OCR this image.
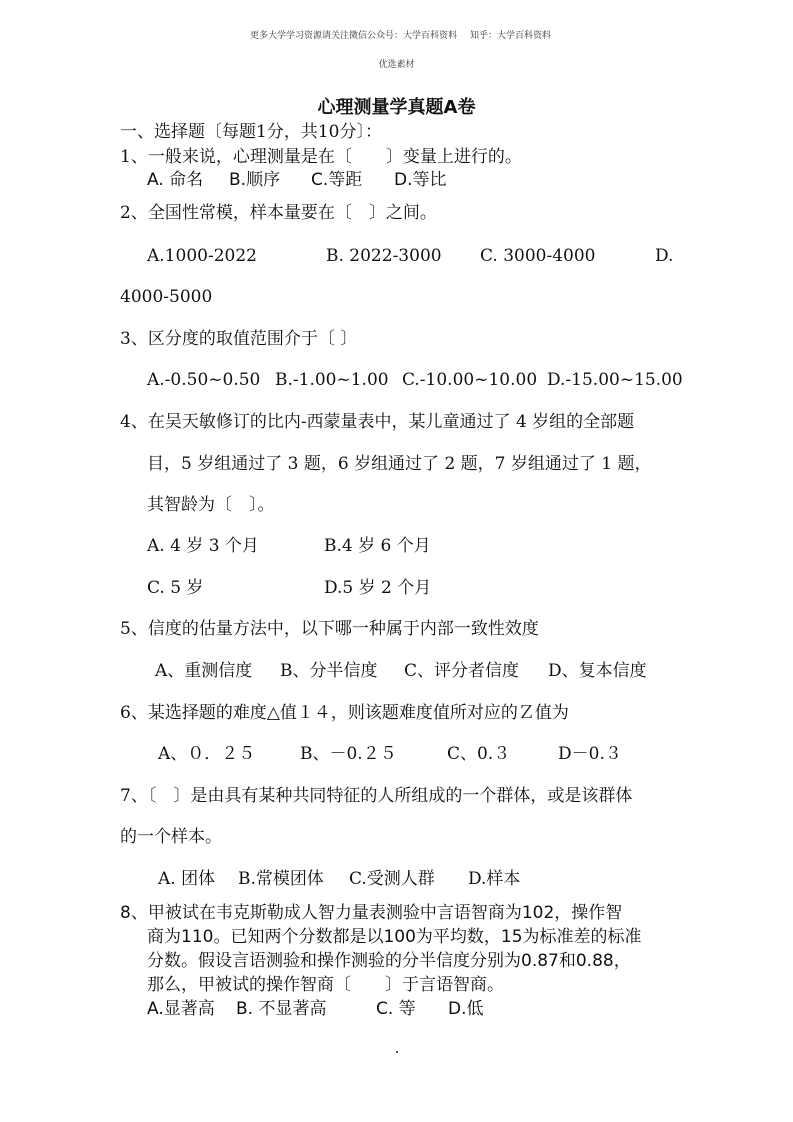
更多大学学习资源请关注微信公众号：大学百科资料 知乎：大学百科资料
优选素材
心理测量学真题A卷
一、选择题〔每题1分，共10分〕：
1、一般来说，心理测量是在〔　　〕变量上进行的。
A. 命名 B.顺序 C.等距 D.等比
2、全国性常模，样本量要在〔　〕之间。
A.1000-2022	B. 2022-3000 C. 3000-4000	D.
4000-5000
3、区分度的取值范围介于〔 〕
A.-0.50~0.50 B.-1.00~1.00 C.-10.00~10.00 D.-15.00~15.00
4、在吴天敏修订的比内-西蒙量表中，某儿童通过了 4 岁组的全部题
目，5 岁组通过了 3 题，6 岁组通过了 2 题，7 岁组通过了 1 题，
其智龄为〔　〕。
A. 4 岁 3 个月	B.4 岁 6 个月
C. 5 岁	D.5 岁 2 个月
5、信度的估量方法中，以下哪一种属于内部一致性效度
A、重测信度 B、分半信度 C、评分者信度 D、复本信度
6、某选择题的难度△值１４，则该题难度值所对应的Ｚ值为
A、０．２５	B、－0.２５	C、0.３	D－0.３
7、〔　〕是由具有某种共同特征的人所组成的一个群体，或是该群体
的一个样本。
A. 团体 B.常模团体 C.受测人群 D.样本
8、甲被试在韦克斯勒成人智力量表测验中言语智商为102，操作智
商为110。已知两个分数都是以100为平均数，15为标准差的标准
分数。假设言语测验和操作测验的分半信度分别为0.87和0.88，
那么，甲被试的操作智商〔　　〕于言语智商。
A.显著高 B. 不显著高	C. 等 D.低
